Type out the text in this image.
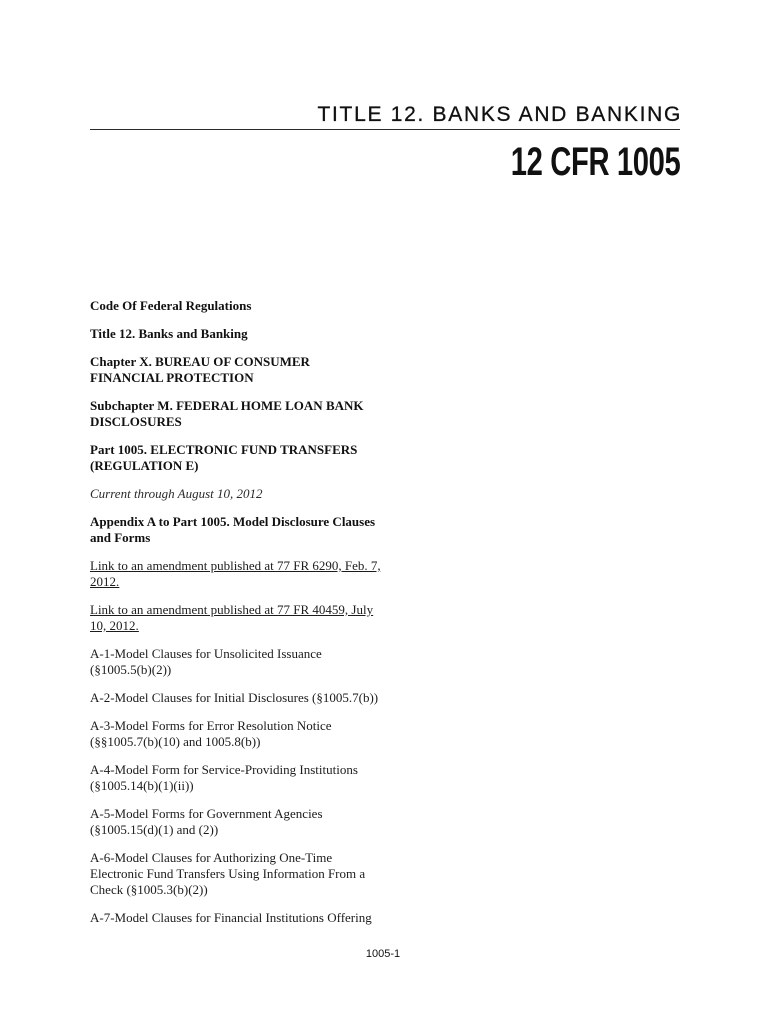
TITLE 12. BANKS AND BANKING
12 CFR 1005

Code Of Federal Regulations

Title 12. Banks and Banking

Chapter X. BUREAU OF CONSUMER
FINANCIAL PROTECTION

Subchapter M. FEDERAL HOME LOAN BANK
DISCLOSURES

Part 1005. ELECTRONIC FUND TRANSFERS
(REGULATION E)

Current through August 10, 2012

Appendix A to Part 1005. Model Disclosure Clauses
and Forms

Link to an amendment published at 77 FR 6290, Feb. 7,
2012.

Link to an amendment published at 77 FR 40459, July
10, 2012.

A-1-Model Clauses for Unsolicited Issuance
(§1005.5(b)(2))

A-2-Model Clauses for Initial Disclosures (§1005.7(b))

A-3-Model Forms for Error Resolution Notice
(§§1005.7(b)(10) and 1005.8(b))

A-4-Model Form for Service-Providing Institutions
(§1005.14(b)(1)(ii))

A-5-Model Forms for Government Agencies
(§1005.15(d)(1) and (2))

A-6-Model Clauses for Authorizing One-Time
Electronic Fund Transfers Using Information From a
Check (§1005.3(b)(2))

A-7-Model Clauses for Financial Institutions Offering

1005-1
